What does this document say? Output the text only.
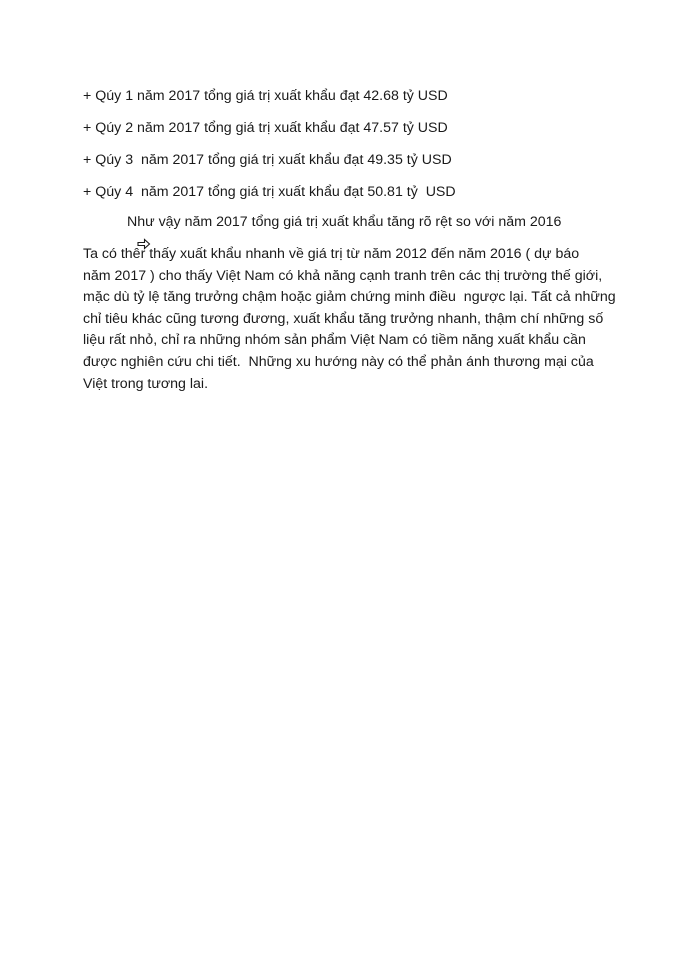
+ Qúy 1 năm 2017 tổng giá trị xuất khẩu đạt 42.68 tỷ USD
+ Qúy 2 năm 2017 tổng giá trị xuất khẩu đạt 47.57 tỷ USD
+ Qúy 3  năm 2017 tổng giá trị xuất khẩu đạt 49.35 tỷ USD
+ Qúy 4  năm 2017 tổng giá trị xuất khẩu đạt 50.81 tỷ  USD

Như vậy năm 2017 tổng giá trị xuất khẩu tăng rõ rệt so với năm 2016
Ta có thêr thấy xuất khẩu nhanh về giá trị từ năm 2012 đến năm 2016 ( dự báo
năm 2017 ) cho thấy Việt Nam có khả năng cạnh tranh trên các thị trường thế giới,
mặc dù tỷ lệ tăng trưởng chậm hoặc giảm chứng minh điều  ngược lại. Tất cả những
chỉ tiêu khác cũng tương đương, xuất khẩu tăng trưởng nhanh, thậm chí những số
liệu rất nhỏ, chỉ ra những nhóm sản phẩm Việt Nam có tiềm năng xuất khẩu cần
được nghiên cứu chi tiết.  Những xu hướng này có thể phản ánh thương mại của
Việt trong tương lai.
